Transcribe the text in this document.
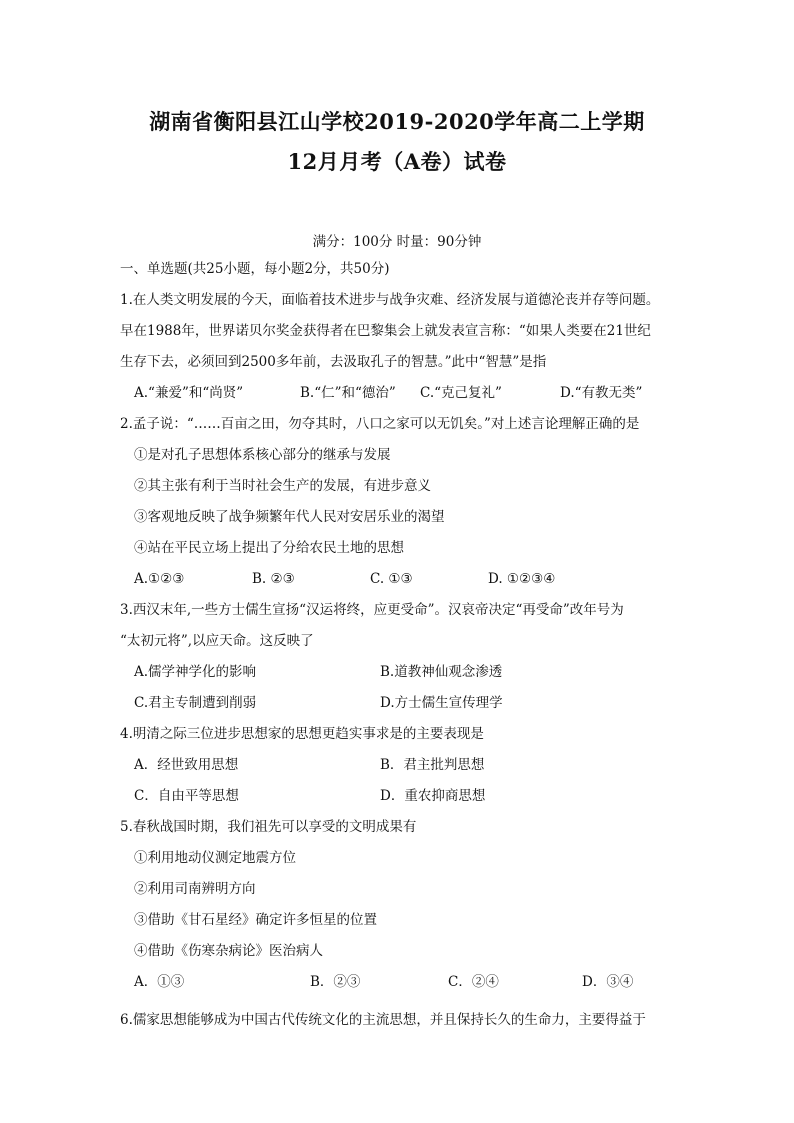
湖南省衡阳县江山学校2019-2020学年高二上学期
12月月考（A卷）试卷
满分：100分 时量：90分钟
一、单选题(共25小题，每小题2分，共50分)
1.在人类文明发展的今天，面临着技术进步与战争灾难、经济发展与道德沦丧并存等问题。
早在1988年，世界诺贝尔奖金获得者在巴黎集会上就发表宣言称：“如果人类要在21世纪
生存下去，必须回到2500多年前，去汲取孔子的智慧。”此中“智慧”是指
A.“兼爱”和“尚贤”	B.“仁”和“德治” C.“克己复礼”	D.“有教无类”
2.孟子说：“……百亩之田，勿夺其时，八口之家可以无饥矣。”对上述言论理解正确的是
①是对孔子思想体系核心部分的继承与发展
②其主张有利于当时社会生产的发展，有进步意义
③客观地反映了战争频繁年代人民对安居乐业的渴望
④站在平民立场上提出了分给农民土地的思想
A.①②③	B. ②③	C. ①③	D. ①②③④
3.西汉末年,一些方士儒生宣扬“汉运将终，应更受命”。汉哀帝决定“再受命”改年号为
“太初元将”,以应天命。这反映了
A.儒学神学化的影响	B.道教神仙观念渗透
C.君主专制遭到削弱	D.方士儒生宣传理学
4.明清之际三位进步思想家的思想更趋实事求是的主要表现是
A．经世致用思想	B．君主批判思想
C．自由平等思想	D．重农抑商思想
5.春秋战国时期，我们祖先可以享受的文明成果有
①利用地动仪测定地震方位
②利用司南辨明方向
③借助《甘石星经》确定许多恒星的位置
④借助《伤寒杂病论》医治病人
A．①③	B．②③	C．②④	D．③④
6.儒家思想能够成为中国古代传统文化的主流思想，并且保持长久的生命力，主要得益于
